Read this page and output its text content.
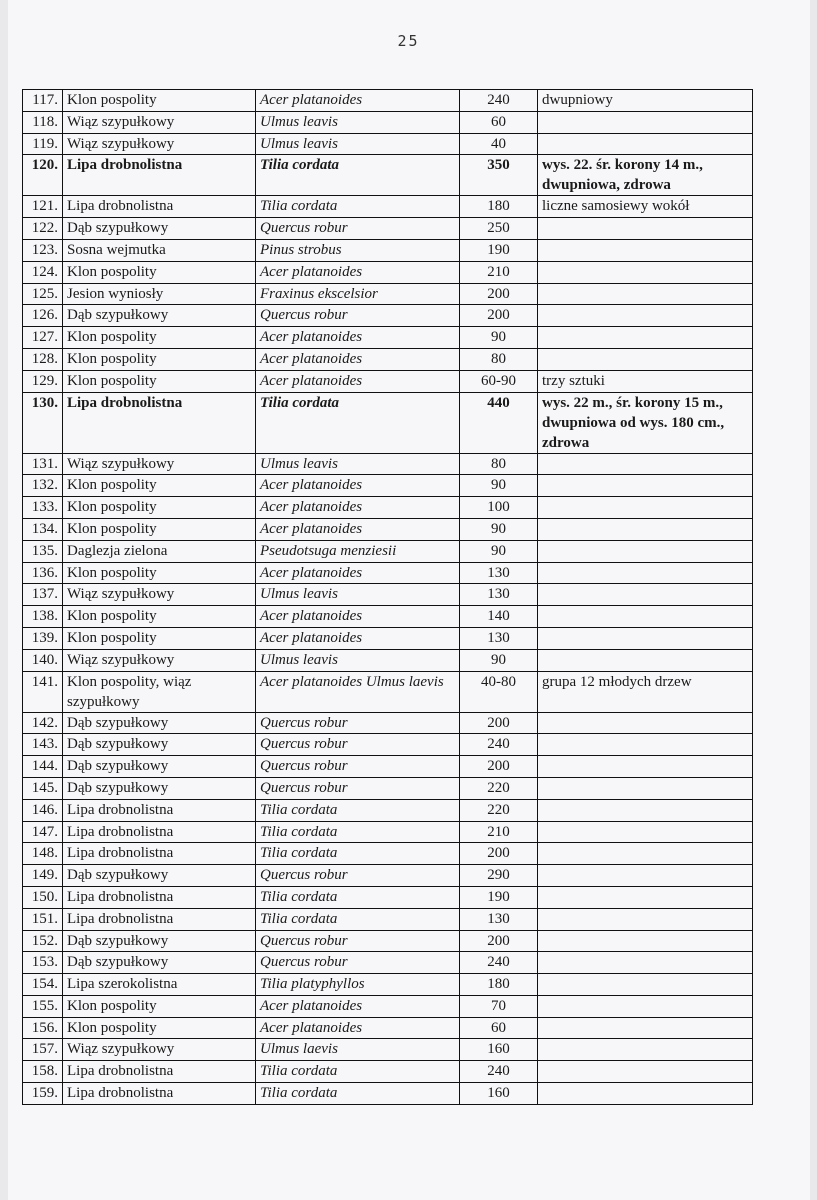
25
117.	Klon pospolity	Acer platanoides	240	dwupniowy
118.	Wiąz szypułkowy	Ulmus leavis	60	
119.	Wiąz szypułkowy	Ulmus leavis	40	
120.	Lipa drobnolistna	Tilia cordata	350	wys. 22. śr. korony 14 m., dwupniowa, zdrowa
121.	Lipa drobnolistna	Tilia cordata	180	liczne samosiewy wokół
122.	Dąb szypułkowy	Quercus robur	250	
123.	Sosna wejmutka	Pinus strobus	190	
124.	Klon pospolity	Acer platanoides	210	
125.	Jesion wyniosły	Fraxinus ekscelsior	200	
126.	Dąb szypułkowy	Quercus robur	200	
127.	Klon pospolity	Acer platanoides	90	
128.	Klon pospolity	Acer platanoides	80	
129.	Klon pospolity	Acer platanoides	60-90	trzy sztuki
130.	Lipa drobnolistna	Tilia cordata	440	wys. 22 m., śr. korony 15 m., dwupniowa od wys. 180 cm., zdrowa
131.	Wiąz szypułkowy	Ulmus leavis	80	
132.	Klon pospolity	Acer platanoides	90	
133.	Klon pospolity	Acer platanoides	100	
134.	Klon pospolity	Acer platanoides	90	
135.	Daglezja zielona	Pseudotsuga menziesii	90	
136.	Klon pospolity	Acer platanoides	130	
137.	Wiąz szypułkowy	Ulmus leavis	130	
138.	Klon pospolity	Acer platanoides	140	
139.	Klon pospolity	Acer platanoides	130	
140.	Wiąz szypułkowy	Ulmus leavis	90	
141.	Klon pospolity, wiąz szypułkowy	Acer platanoides Ulmus laevis	40-80	grupa 12 młodych drzew
142.	Dąb szypułkowy	Quercus robur	200	
143.	Dąb szypułkowy	Quercus robur	240	
144.	Dąb szypułkowy	Quercus robur	200	
145.	Dąb szypułkowy	Quercus robur	220	
146.	Lipa drobnolistna	Tilia cordata	220	
147.	Lipa drobnolistna	Tilia cordata	210	
148.	Lipa drobnolistna	Tilia cordata	200	
149.	Dąb szypułkowy	Quercus robur	290	
150.	Lipa drobnolistna	Tilia cordata	190	
151.	Lipa drobnolistna	Tilia cordata	130	
152.	Dąb szypułkowy	Quercus robur	200	
153.	Dąb szypułkowy	Quercus robur	240	
154.	Lipa szerokolistna	Tilia platyphyllos	180	
155.	Klon pospolity	Acer platanoides	70	
156.	Klon pospolity	Acer platanoides	60	
157.	Wiąz szypułkowy	Ulmus laevis	160	
158.	Lipa drobnolistna	Tilia cordata	240	
159.	Lipa drobnolistna	Tilia cordata	160	
